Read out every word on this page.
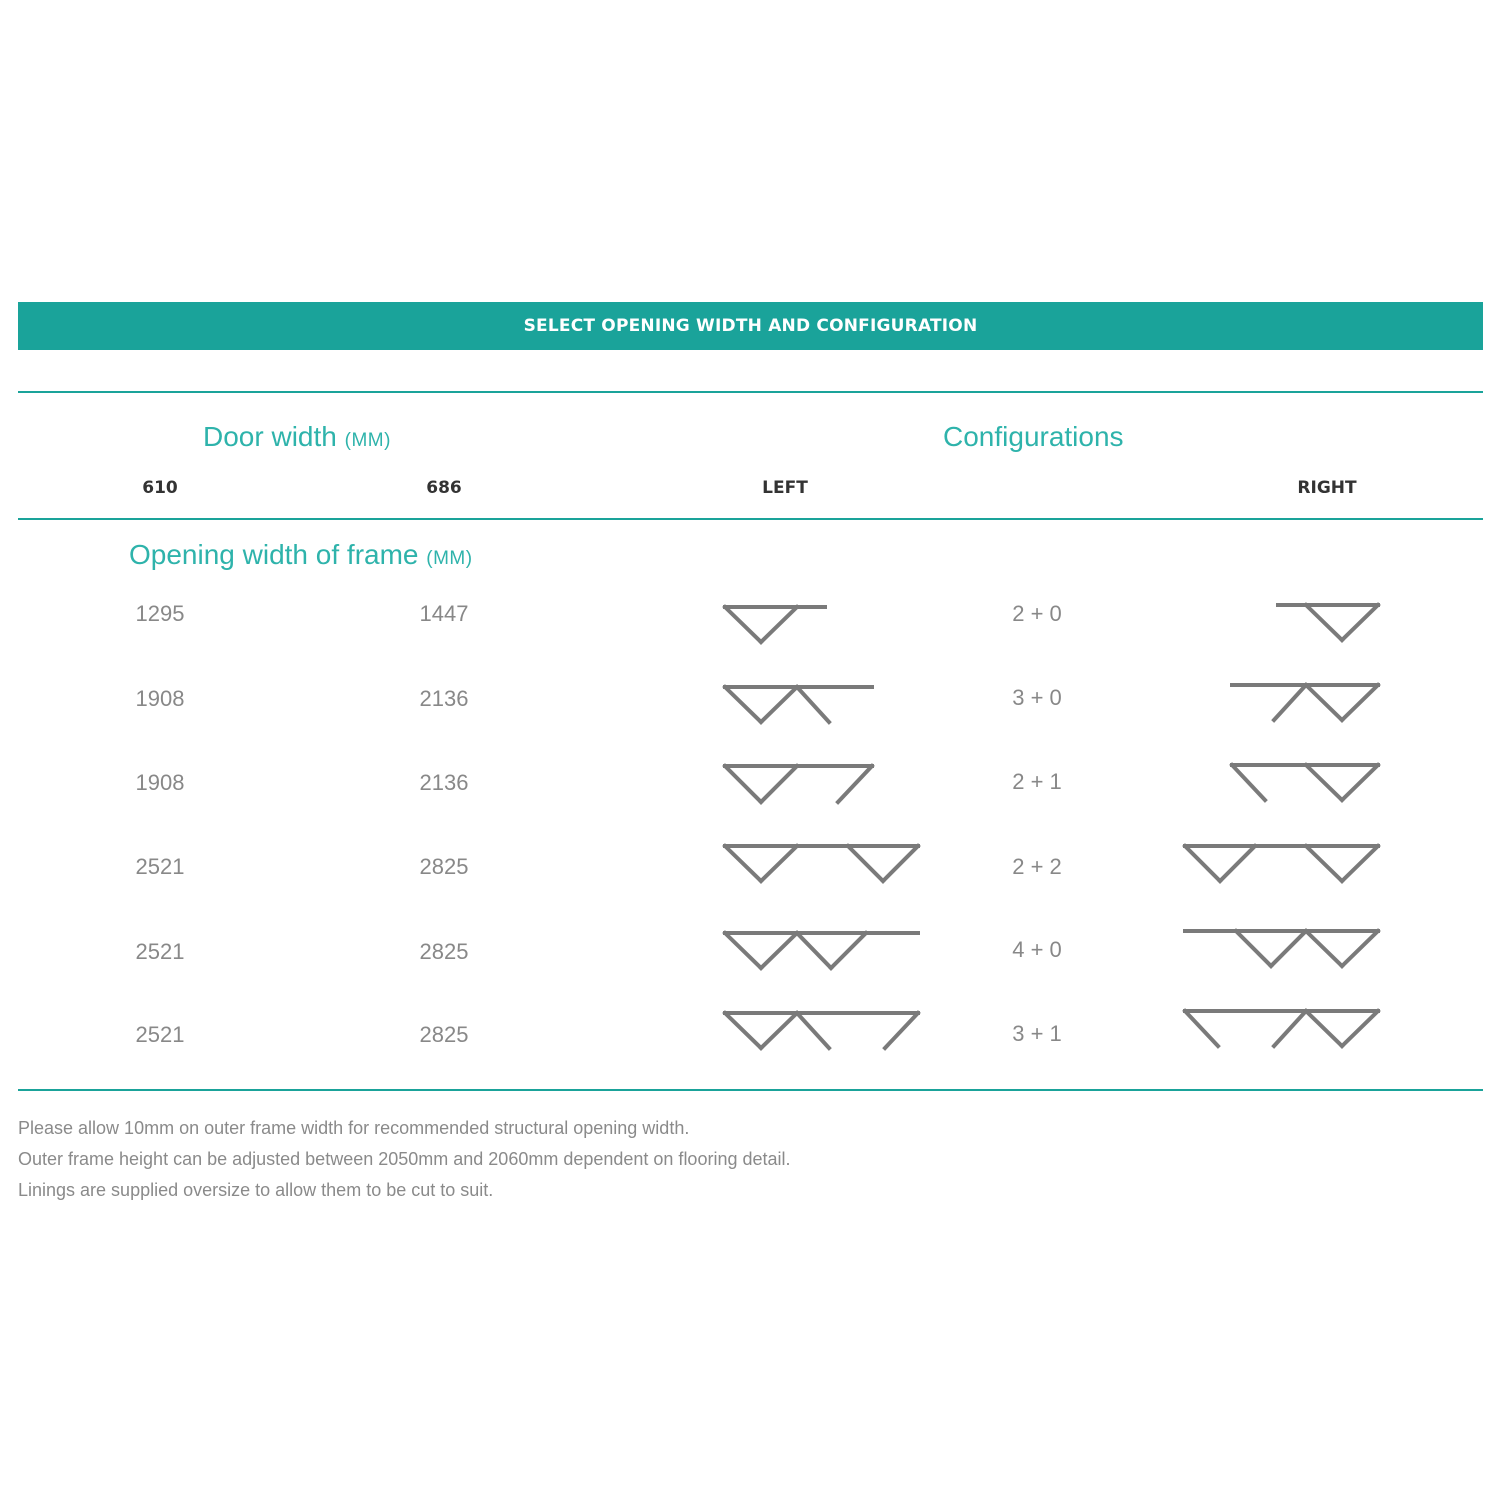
SELECT OPENING WIDTH AND CONFIGURATION
Door width (MM)	Configurations
610	686	LEFT	RIGHT
Opening width of frame (MM)
1295	1447	2 + 0
1908	2136	3 + 0
1908	2136	2 + 1
2521	2825	2 + 2
2521	2825	4 + 0
2521	2825	3 + 1
Please allow 10mm on outer frame width for recommended structural opening width.
Outer frame height can be adjusted between 2050mm and 2060mm dependent on flooring detail.
Linings are supplied oversize to allow them to be cut to suit.
